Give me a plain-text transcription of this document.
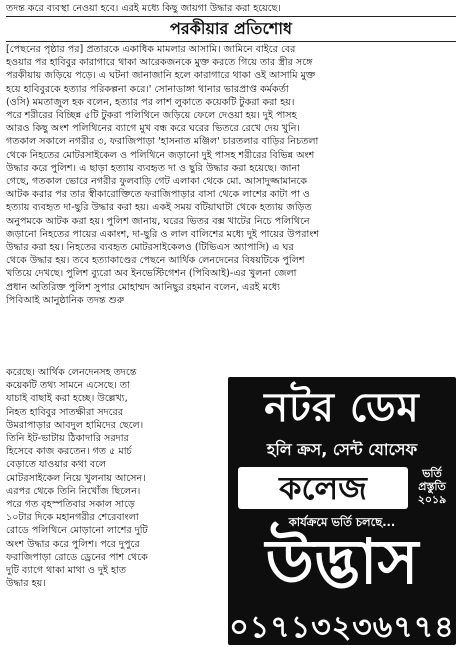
তদন্ত করে ব্যবস্থা নেওয়া হবে। এরই মধ্যে কিছু জায়গা উদ্ধার করা হয়েছে।
পরকীয়ার প্রতিশোধ
[পেছনের পৃষ্ঠার পর] প্রতারকে একাধিক মামলার আসামি। জামিনে বাইরে বের
হওয়ার পর হাবিবুর কারাগারে থাকা আরেকজনকে মুক্ত করতে গিয়ে তার স্ত্রীর সঙ্গে
পরকীয়ায় জড়িয়ে পড়ে। এ ঘটনা জানাজানি হলে কারাগারে থাকা ওই আসামি মুক্ত
হয়ে হাবিবুরকে হত্যার পরিকল্পনা করে।' সোনাডাঙ্গা থানার ভারপ্রাপ্ত কর্মকর্তা
(ওসি) মমতাজুল হক বলেন, হত্যার পর লাশ লুকাতে কয়েকটি টুকরা করা হয়।
পরে শরীরের বিচ্ছিন্ন ৫টি টুকরা পলিথিনে জড়িয়ে ফেলে দেওয়া হয়। দুই পাসহ
আরও কিছু অংশ পলিথিনের ব্যাগে মুখ বন্ধ করে ঘরের ভিতরে রেখে দেয় খুনি।
গতকাল সকালে নগরীর ৩, ফরাজিপাড়া 'হাসনাত মঞ্জিল' চারতলার বাড়ির নিচতলা
থেকে নিহতের মোটরসাইকেল ও পলিথিনে জড়ানো দুই পাসহ শরীরের বিভিন্ন অংশ
উদ্ধার করে পুলিশ। এ ছাড়া হত্যায় ব্যবহৃত দা ও ছুরি উদ্ধার করা হয়েছে। জানা
গেছে, গতকাল ভোরে নগরীর ফুলবাড়ি গেট এলাকা থেকে মো. আসাদুজ্জামানকে
আটক করার পর তার স্বীকারোক্তিতে ফরাজিপাড়ার বাসা থেকে লাশের কাটা পা ও
হত্যায় ব্যবহৃত দা-ছুরি উদ্ধার করা হয়। একই সময় বটিয়াঘাটা থেকে হত্যায় জড়িত
অনুপমকে আটক করা হয়। পুলিশ জানায়, ঘরের ভিতর বক্স খাটের নিচে পলিথিনে
জড়ানো নিহতের পায়ের একাংশ, দা-ছুরি ও লাল বালিশের মধ্যে দুই পায়ের উপরাংশ
উদ্ধার করা হয়। নিহতের ব্যবহৃত মোটরসাইকেলও (টিভিএস অ্যাপাসি) এ ঘর
থেকে উদ্ধার হয়। তবে হত্যাকাণ্ডের পেছনে আর্থিক লেনদেনের বিষয়টিকে পুলিশ
খতিয়ে দেখছে। পুলিশ ব্যুরো অব ইনভেস্টিগেশন (পিবিআই)-এর খুলনা জেলা
প্রধান অতিরিক্ত পুলিশ সুপার মোহাম্মদ আনিছুর রহমান বলেন, এরই মধ্যে
পিবিআই আনুষ্ঠানিক তদন্ত শুরু
করেছে। আর্থিক লেনদেনসহ তদন্তে
কয়েকটি তথ্য সামনে এসেছে। তা
যাচাই বাছাই করা হচ্ছে। উল্লেখ্য,
নিহত হাবিবুর সাতক্ষীরা সদরের
উমরাপাড়ার আবদুল হামিদের ছেলে।
তিনি ইট-ভাটায় ঠিকাদারি সরদার
হিসেবে কাজ করতেন। গত ৫ মার্চ
বেড়াতে যাওয়ার কথা বলে
মোটরসাইকেল নিয়ে খুলনায় আসেন।
এরপর থেকে তিনি নিখোঁজ ছিলেন।
পরে গত বৃহস্পতিবার সকাল সাড়ে
১০টার দিকে মহানগরীর শেরেবাংলা
রোডে পলিথিনে মোড়ানো লাশের দুটি
অংশ উদ্ধার করে পুলিশ। পরে দুপুরে
ফরাজিপাড়া রোডে ড্রেনের পাশ থেকে
দুটি ব্যাগে থাকা মাথা ও দুই হাত
উদ্ধার হয়।
নটর ডেম
হলি ক্রস, সেন্ট যোসেফ
কলেজ	ভর্তি
প্রস্তুতি
২০১৯
কার্যক্রমে ভর্তি চলছে...
উদ্ভাস
০১৭১৩২৩৬৭৭৪
